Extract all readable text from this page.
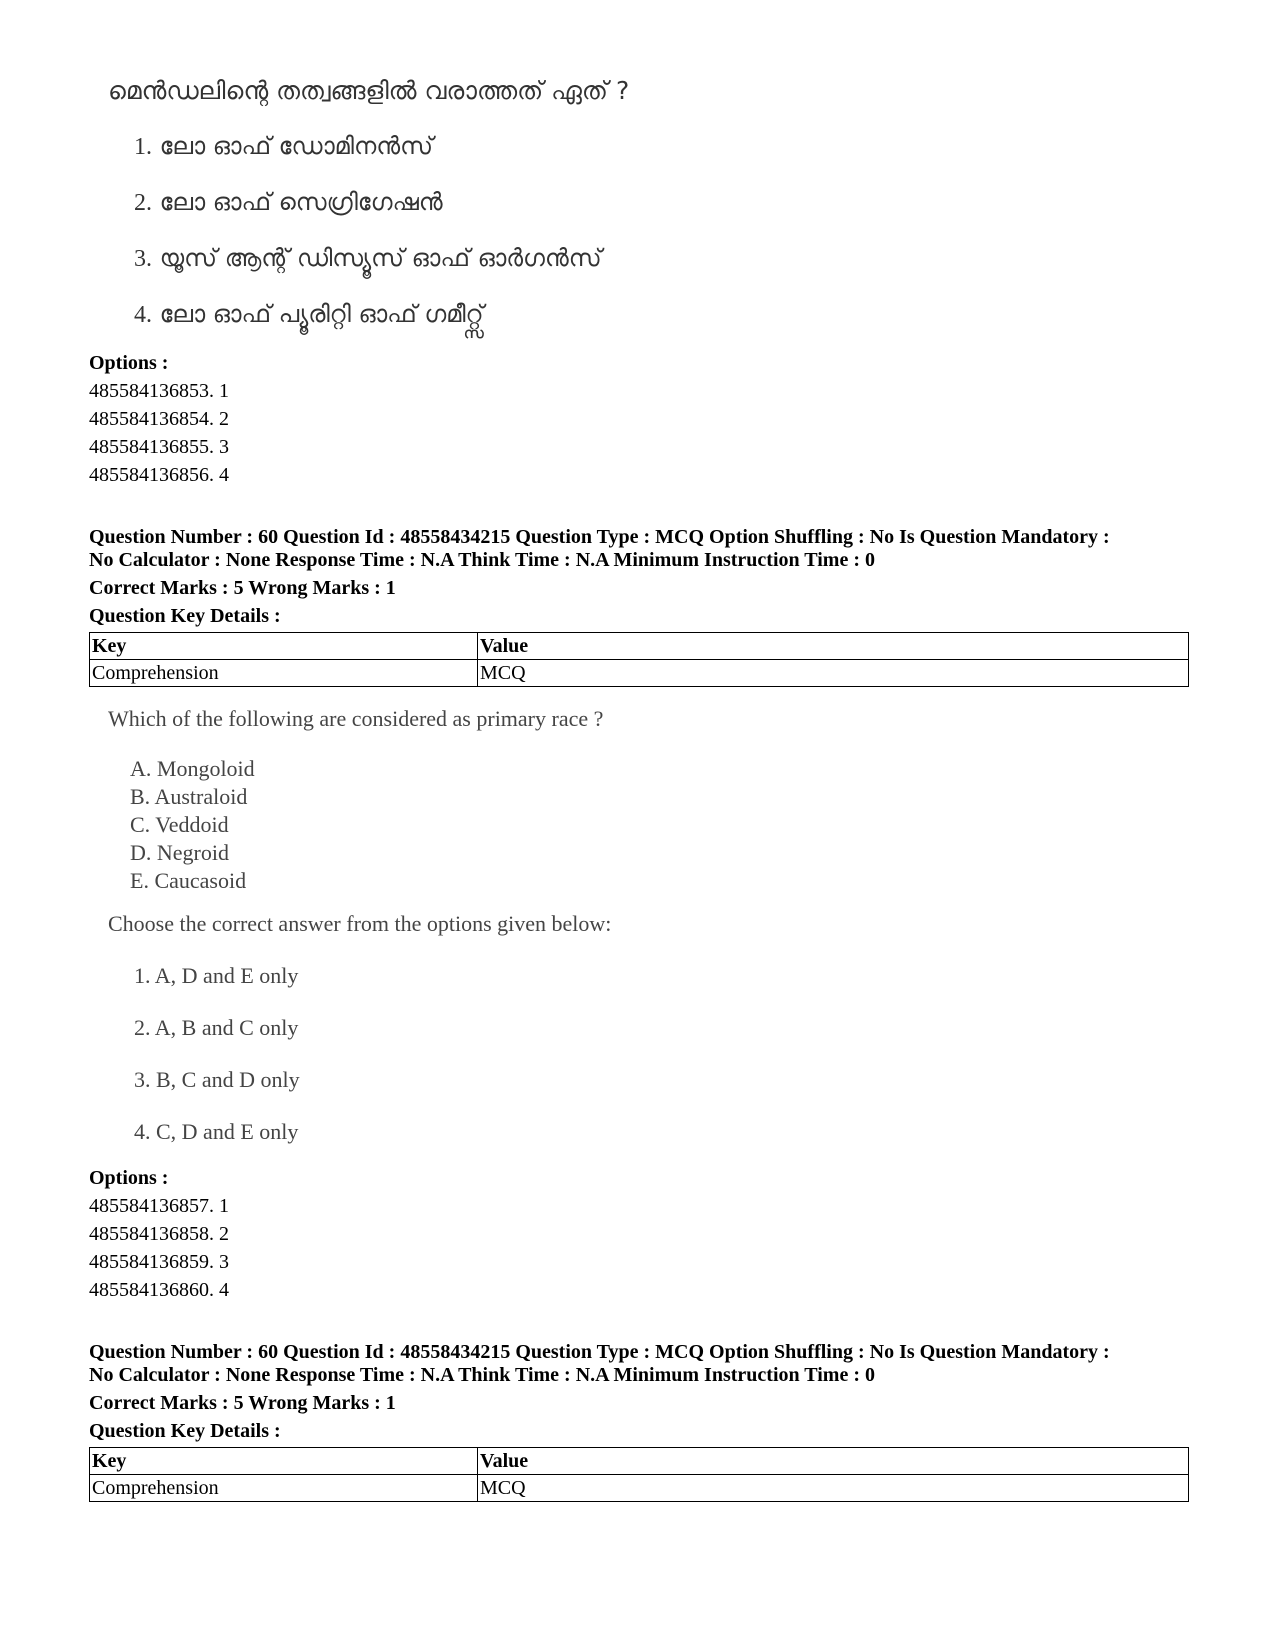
മെൻഡലിന്റെ തത്വങ്ങളിൽ വരാത്തത് ഏത് ?
1. ലോ ഓഫ് ഡോമിനൻസ്
2. ലോ ഓഫ് സെഗ്രിഗേഷൻ
3. യൂസ് ആന്റ് ഡിസ്യൂസ് ഓഫ് ഓർഗൻസ്
4. ലോ ഓഫ് പ്യൂരിറ്റി ഓഫ് ഗമീറ്റ്സ്
Options :
485584136853. 1
485584136854. 2
485584136855. 3
485584136856. 4
Question Number : 60 Question Id : 48558434215 Question Type : MCQ Option Shuffling : No Is Question Mandatory :
No Calculator : None Response Time : N.A Think Time : N.A Minimum Instruction Time : 0
Correct Marks : 5 Wrong Marks : 1
Question Key Details :
Key	Value
Comprehension	MCQ
Which of the following are considered as primary race ?
A. Mongoloid
B. Australoid
C. Veddoid
D. Negroid
E. Caucasoid
Choose the correct answer from the options given below:
1. A, D and E only
2. A, B and C only
3. B, C and D only
4. C, D and E only
Options :
485584136857. 1
485584136858. 2
485584136859. 3
485584136860. 4
Question Number : 60 Question Id : 48558434215 Question Type : MCQ Option Shuffling : No Is Question Mandatory :
No Calculator : None Response Time : N.A Think Time : N.A Minimum Instruction Time : 0
Correct Marks : 5 Wrong Marks : 1
Question Key Details :
Key	Value
Comprehension	MCQ
